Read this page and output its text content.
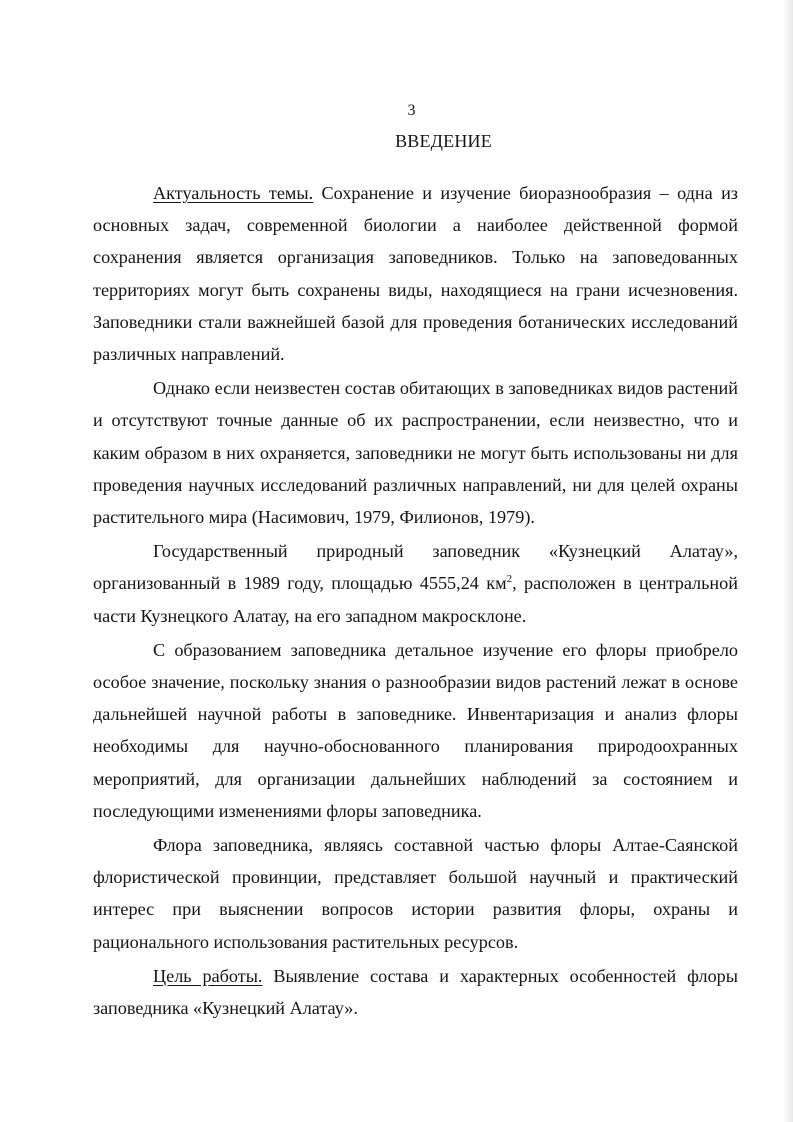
3
ВВЕДЕНИЕ

Актуальность темы. Сохранение и изучение биоразнообразия – одна из основных задач, современной биологии а наиболее действенной формой сохранения является организация заповедников. Только на заповедованных территориях могут быть сохранены виды, находящиеся на грани исчезновения. Заповедники стали важнейшей базой для проведения ботанических исследований различных направлений.

Однако если неизвестен состав обитающих в заповедниках видов растений и отсутствуют точные данные об их распространении, если неизвестно, что и каким образом в них охраняется, заповедники не могут быть использованы ни для проведения научных исследований различных направлений, ни для целей охраны растительного мира (Насимович, 1979, Филионов, 1979).

Государственный природный заповедник «Кузнецкий Алатау», организованный в 1989 году, площадью 4555,24 $км^2$, расположен в центральной части Кузнецкого Алатау, на его западном макросклоне.

С образованием заповедника детальное изучение его флоры приобрело особое значение, поскольку знания о разнообразии видов растений лежат в основе дальнейшей научной работы в заповеднике. Инвентаризация и анализ флоры необходимы для научно-обоснованного планирования природоохранных мероприятий, для организации дальнейших наблюдений за состоянием и последующими изменениями флоры заповедника.

Флора заповедника, являясь составной частью флоры Алтае-Саянской флористической провинции, представляет большой научный и практический интерес при выяснении вопросов истории развития флоры, охраны и рационального использования растительных ресурсов.

Цель работы. Выявление состава и характерных особенностей флоры заповедника «Кузнецкий Алатау».
